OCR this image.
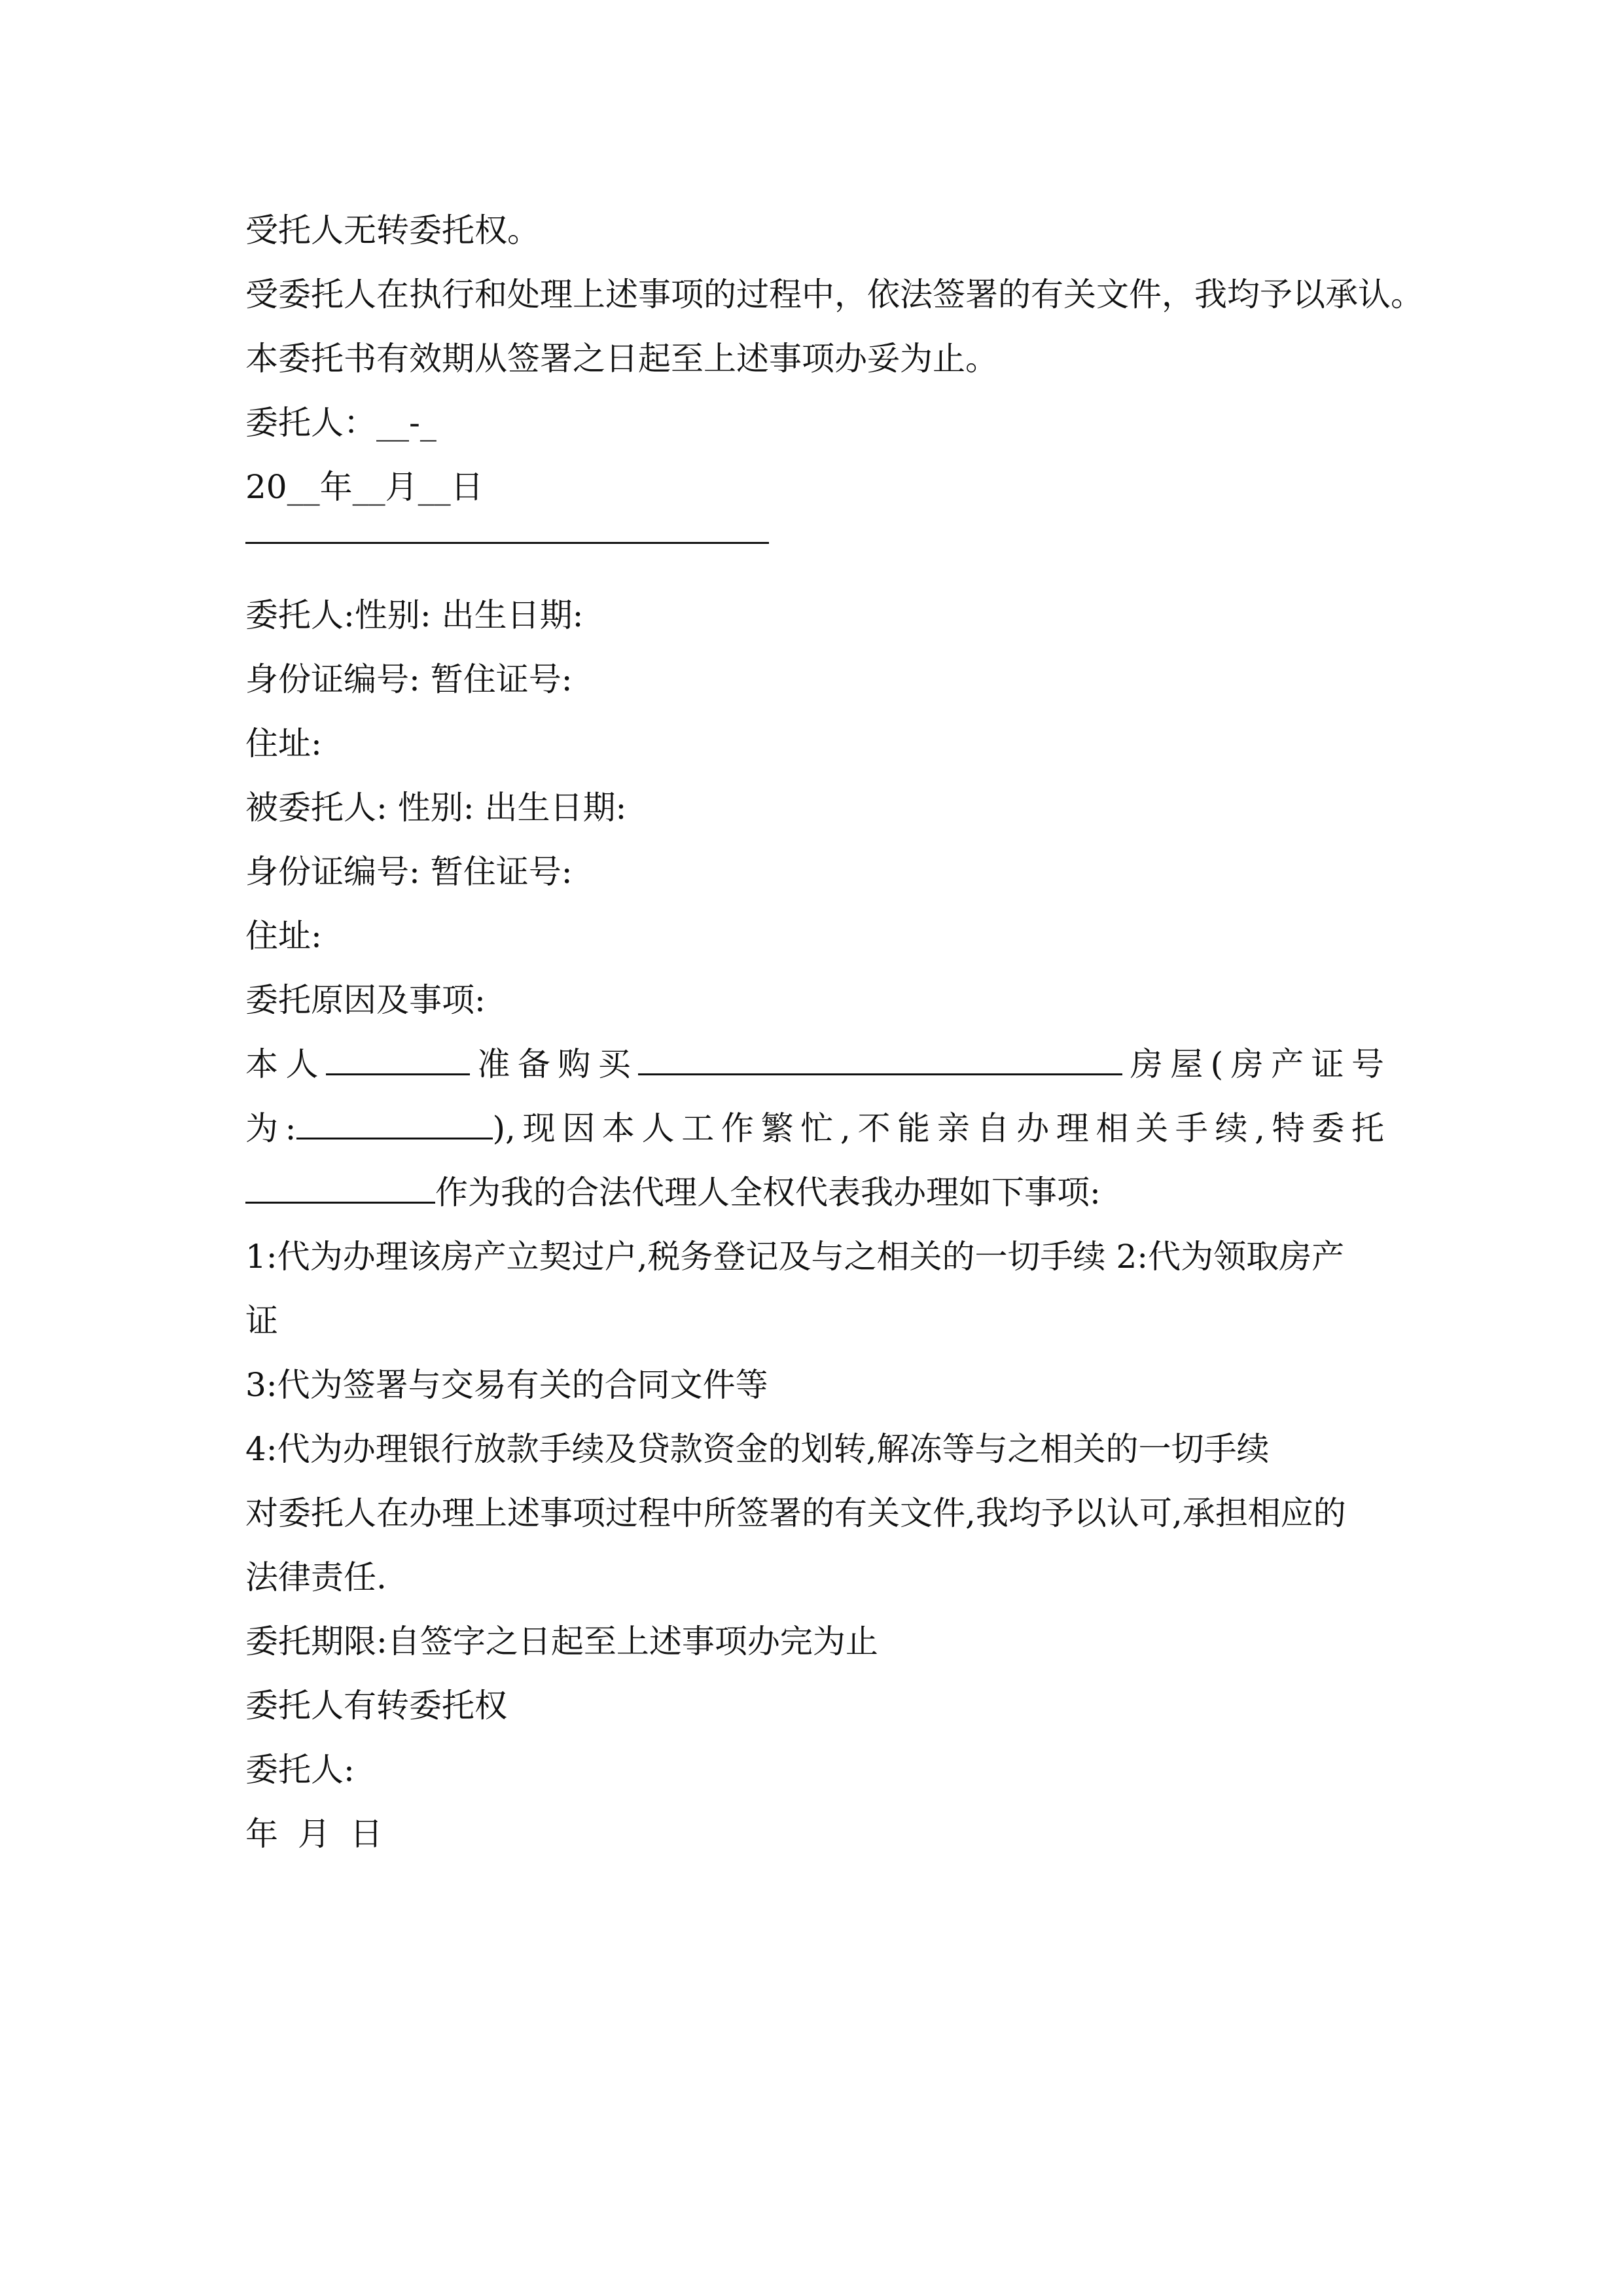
受托人无转委托权。
受委托人在执行和处理上述事项的过程中，依法签署的有关文件，我均予以承认。
本委托书有效期从签署之日起至上述事项办妥为止。
委托人：__-_
20__年__月__日
委托人:性别: 出生日期:
身份证编号: 暂住证号:
住址:
被委托人: 性别: 出生日期:
身份证编号: 暂住证号:
住址:
委托原因及事项:
本人	准备购买	房屋(房产证号
为:	),现因本人工作繁忙,不能亲自办理相关手续,特委托
作为我的合法代理人全权代表我办理如下事项:
1:代为办理该房产立契过户,税务登记及与之相关的一切手续 2:代为领取房产
证
3:代为签署与交易有关的合同文件等
4:代为办理银行放款手续及贷款资金的划转,解冻等与之相关的一切手续
对委托人在办理上述事项过程中所签署的有关文件,我均予以认可,承担相应的
法律责任.
委托期限:自签字之日起至上述事项办完为止
委托人有转委托权
委托人:
年 月 日
